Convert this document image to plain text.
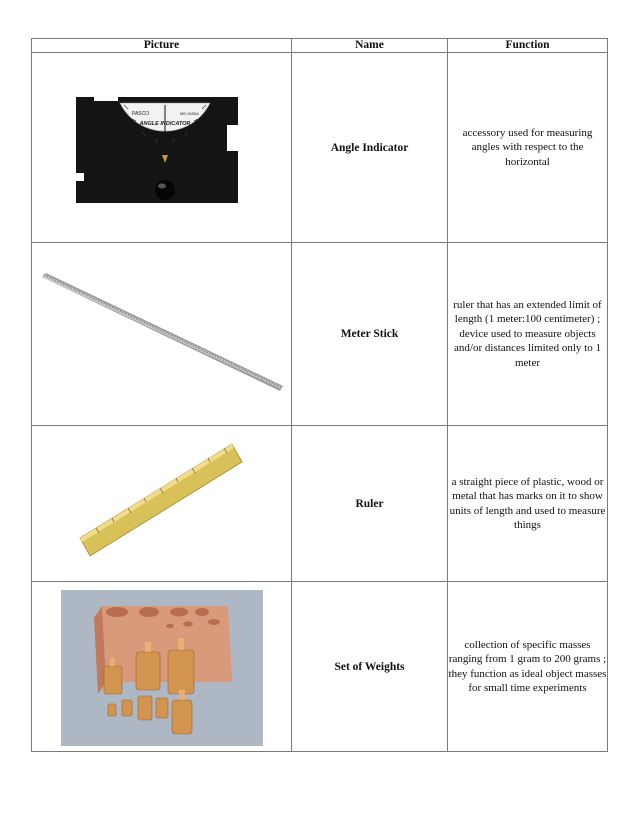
Picture	Name	Function

PASCO ME-9495A
ANGLE INDICATOR	Angle Indicator	accessory used for measuring angles with respect to the horizontal

	Meter Stick	ruler that has an extended limit of length (1 meter:100 centimeter) ; device used to measure objects and/or distances limited only to 1 meter

	Ruler	a straight piece of plastic, wood or metal that has marks on it to show units of length and used to measure things

	Set of Weights	collection of specific masses ranging from 1 gram to 200 grams ; they function as ideal object masses for small time experiments
